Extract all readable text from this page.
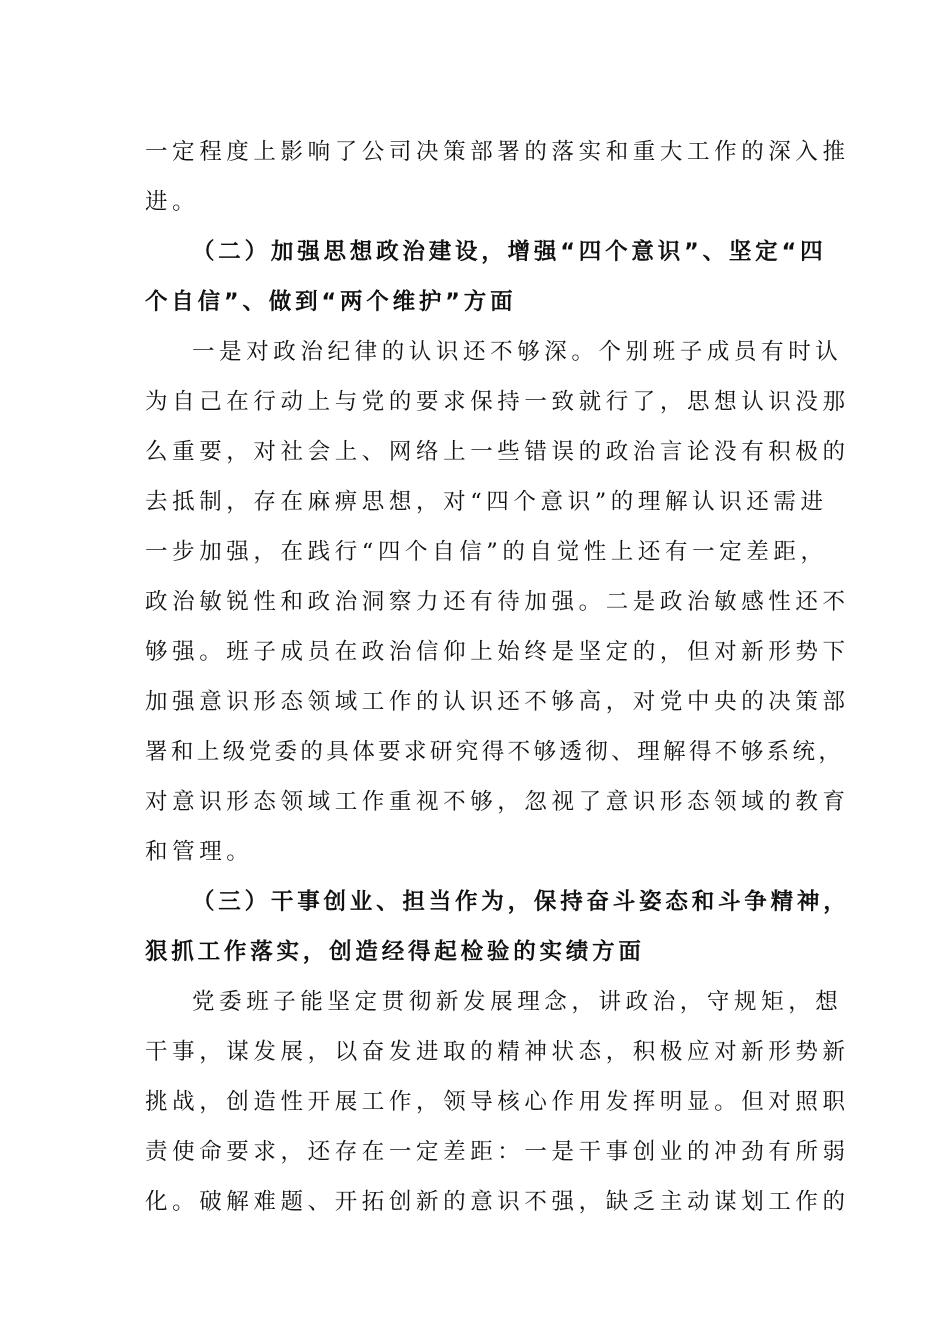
一定程度上影响了公司决策部署的落实和重大工作的深入推
进。
（二）加强思想政治建设，增强“四个意识”、坚定“四
个自信”、做到“两个维护”方面
一是对政治纪律的认识还不够深。个别班子成员有时认
为自己在行动上与党的要求保持一致就行了，思想认识没那
么重要，对社会上、网络上一些错误的政治言论没有积极的
去抵制，存在麻痹思想，对“四个意识”的理解认识还需进
一步加强，在践行“四个自信”的自觉性上还有一定差距，
政治敏锐性和政治洞察力还有待加强。二是政治敏感性还不
够强。班子成员在政治信仰上始终是坚定的，但对新形势下
加强意识形态领域工作的认识还不够高，对党中央的决策部
署和上级党委的具体要求研究得不够透彻、理解得不够系统，
对意识形态领域工作重视不够，忽视了意识形态领域的教育
和管理。
（三）干事创业、担当作为，保持奋斗姿态和斗争精神，
狠抓工作落实，创造经得起检验的实绩方面
党委班子能坚定贯彻新发展理念，讲政治，守规矩，想
干事，谋发展，以奋发进取的精神状态，积极应对新形势新
挑战，创造性开展工作，领导核心作用发挥明显。但对照职
责使命要求，还存在一定差距：一是干事创业的冲劲有所弱
化。破解难题、开拓创新的意识不强，缺乏主动谋划工作的
